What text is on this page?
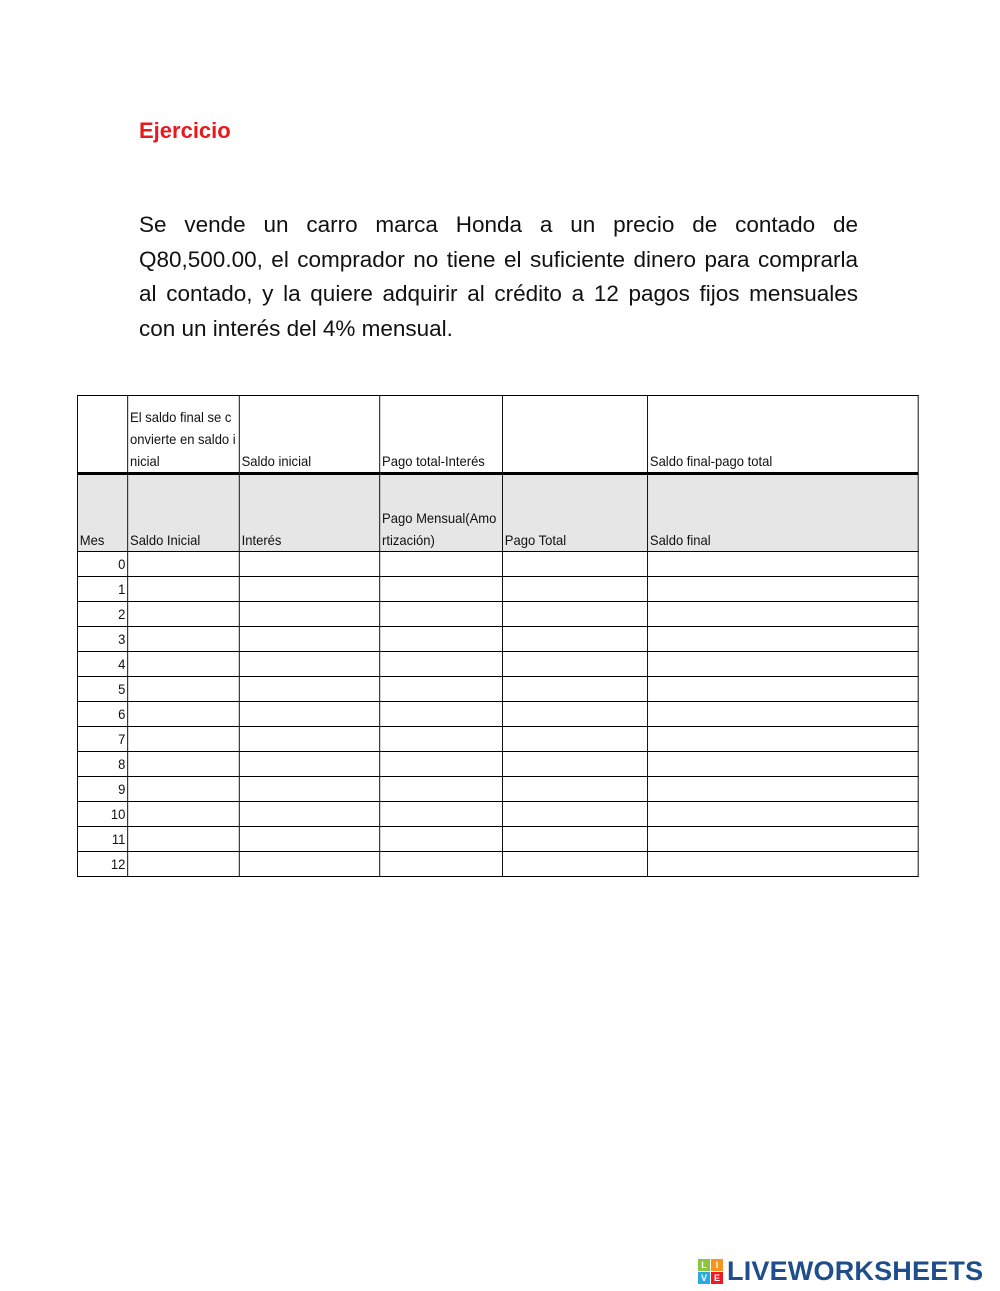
Ejercicio
Se vende un carro marca Honda a un precio de contado de Q80,500.00, el comprador no tiene el suficiente dinero para comprarla al contado, y la quiere adquirir al crédito a 12 pagos fijos mensuales con un interés del 4% mensual.
	El saldo final se convierte en saldo inicial	Saldo inicial	Pago total-Interés		Saldo final-pago total
Mes	Saldo Inicial	Interés	Pago Mensual(Amortización)	Pago Total	Saldo final
0					
1					
2					
3					
4					
5					
6					
7					
8					
9					
10					
11					
12					
L I
V E LIVEWORKSHEETS
